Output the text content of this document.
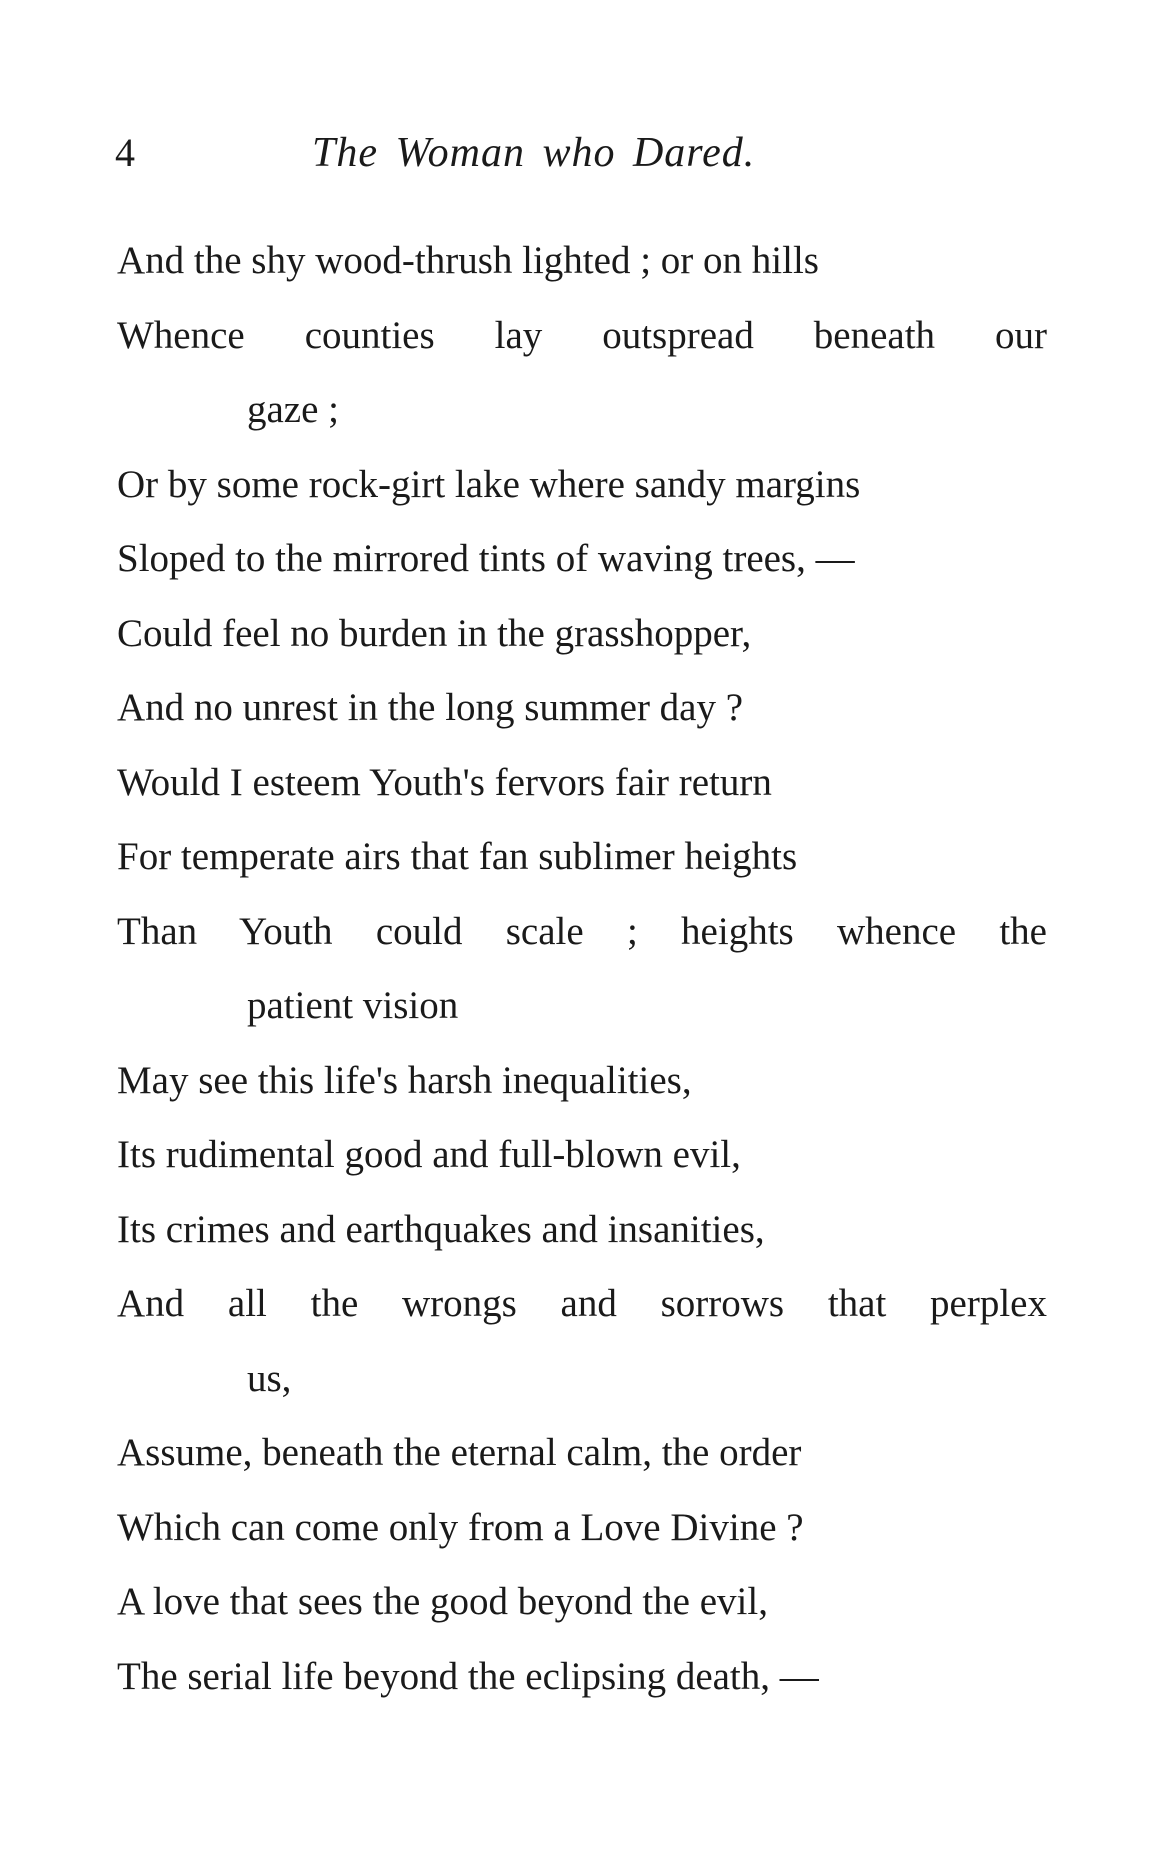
4	The Woman who Dared.
And the shy wood-thrush lighted ; or on hills
Whence counties lay outspread beneath our
gaze ;
Or by some rock-girt lake where sandy margins
Sloped to the mirrored tints of waving trees, —
Could feel no burden in the grasshopper,
And no unrest in the long summer day ?
Would I esteem Youth's fervors fair return
For temperate airs that fan sublimer heights
Than Youth could scale ; heights whence the
patient vision
May see this life's harsh inequalities,
Its rudimental good and full-blown evil,
Its crimes and earthquakes and insanities,
And all the wrongs and sorrows that perplex
us,
Assume, beneath the eternal calm, the order
Which can come only from a Love Divine ?
A love that sees the good beyond the evil,
The serial life beyond the eclipsing death, —
